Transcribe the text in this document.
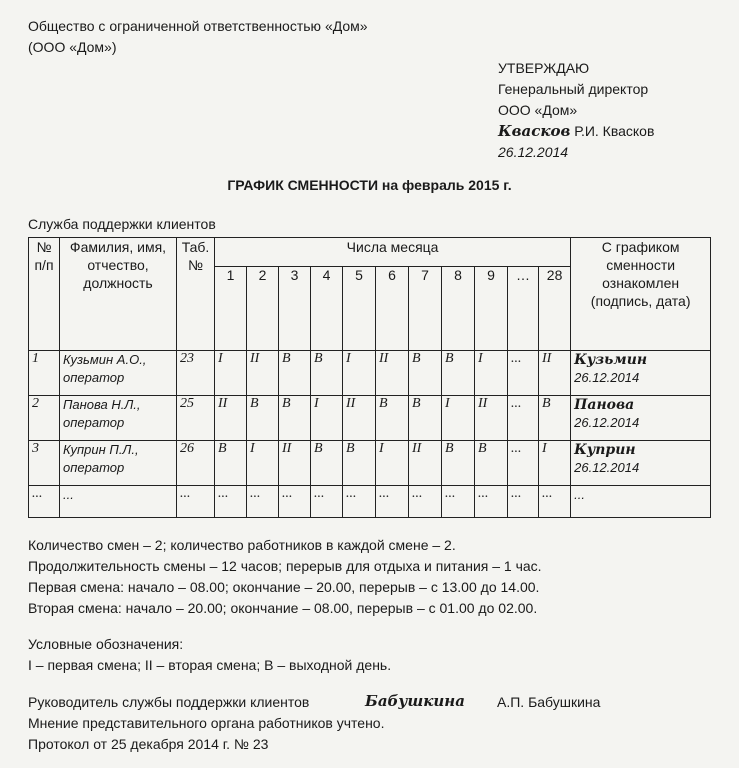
Общество с ограниченной ответственностью «Дом»
(ООО «Дом»)
УТВЕРЖДАЮ
Генеральный директор
ООО «Дом»
Квасков Р.И. Квасков
26.12.2014
ГРАФИК СМЕННОСТИ на февраль 2015 г.
Служба поддержки клиентов
№ п/п	Фамилия, имя, отчество, должность	Таб. №	Числа месяца											С графиком сменности ознакомлен (подпись, дата)
			1	2	3	4	5	6	7	8	9	…	28	
1	Кузьмин А.О., оператор	23	I	II	В	В	I	II	В	В	I	...	II	Кузьмин
26.12.2014

2	Панова Н.Л., оператор	25	II	В	В	I	II	В	В	I	II	...	В	Панова
26.12.2014

3	Куприн П.Л., оператор	26	В	I	II	В	В	I	II	В	В	...	I	Куприн
26.12.2014

...	...	...	...	...	...	...	...	...	...	...	...	...	...	...
Количество смен – 2; количество работников в каждой смене – 2.
Продолжительность смены – 12 часов; перерыв для отдыха и питания – 1 час.
Первая смена: начало – 08.00; окончание – 20.00, перерыв – с 13.00 до 14.00.
Вторая смена: начало – 20.00; окончание – 08.00, перерыв – с 01.00 до 02.00.
Условные обозначения:
I – первая смена; II – вторая смена; В – выходной день.
Руководитель службы поддержки клиентов	Бабушкина А.П. Бабушкина
Мнение представительного органа работников учтено.
Протокол от 25 декабря 2014 г. № 23
